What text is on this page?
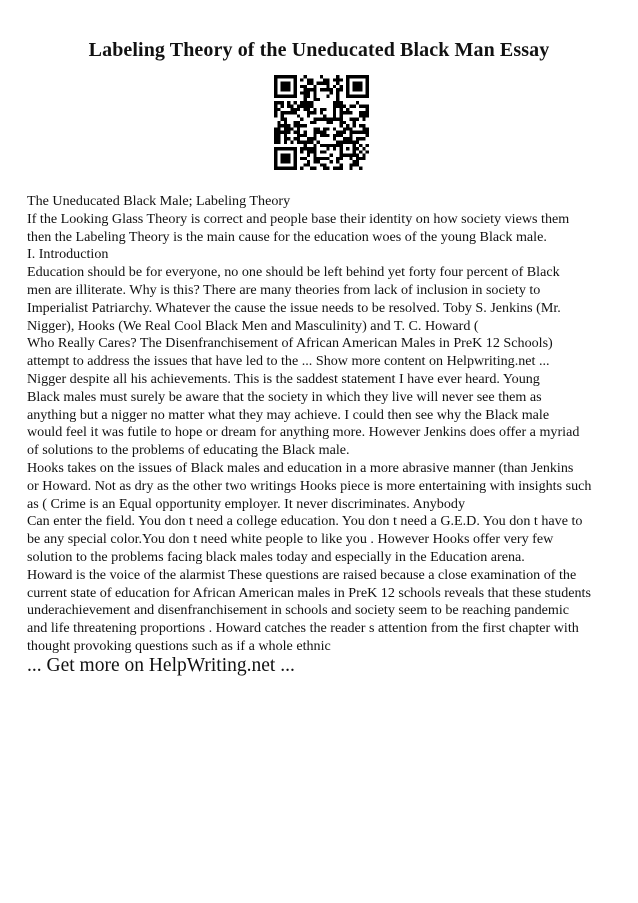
Labeling Theory of the Uneducated Black Man Essay
The Uneducated Black Male; Labeling Theory
If the Looking Glass Theory is correct and people base their identity on how society views them
then the Labeling Theory is the main cause for the education woes of the young Black male.
I. Introduction
Education should be for everyone, no one should be left behind yet forty four percent of Black
men are illiterate. Why is this? There are many theories from lack of inclusion in society to
Imperialist Patriarchy. Whatever the cause the issue needs to be resolved. Toby S. Jenkins (Mr.
Nigger), Hooks (We Real Cool Black Men and Masculinity) and T. C. Howard (
Who Really Cares? The Disenfranchisement of African American Males in PreK 12 Schools)
attempt to address the issues that have led to the ... Show more content on Helpwriting.net ...
Nigger despite all his achievements. This is the saddest statement I have ever heard. Young
Black males must surely be aware that the society in which they live will never see them as
anything but a nigger no matter what they may achieve. I could then see why the Black male
would feel it was futile to hope or dream for anything more. However Jenkins does offer a myriad
of solutions to the problems of educating the Black male.
Hooks takes on the issues of Black males and education in a more abrasive manner (than Jenkins
or Howard. Not as dry as the other two writings Hooks piece is more entertaining with insights such
as ( Crime is an Equal opportunity employer. It never discriminates. Anybody
Can enter the field. You don t need a college education. You don t need a G.E.D. You don t have to
be any special color.You don t need white people to like you . However Hooks offer very few
solution to the problems facing black males today and especially in the Education arena.
Howard is the voice of the alarmist These questions are raised because a close examination of the
current state of education for African American males in PreK 12 schools reveals that these students
underachievement and disenfranchisement in schools and society seem to be reaching pandemic
and life threatening proportions . Howard catches the reader s attention from the first chapter with
thought provoking questions such as if a whole ethnic
... Get more on HelpWriting.net ...
